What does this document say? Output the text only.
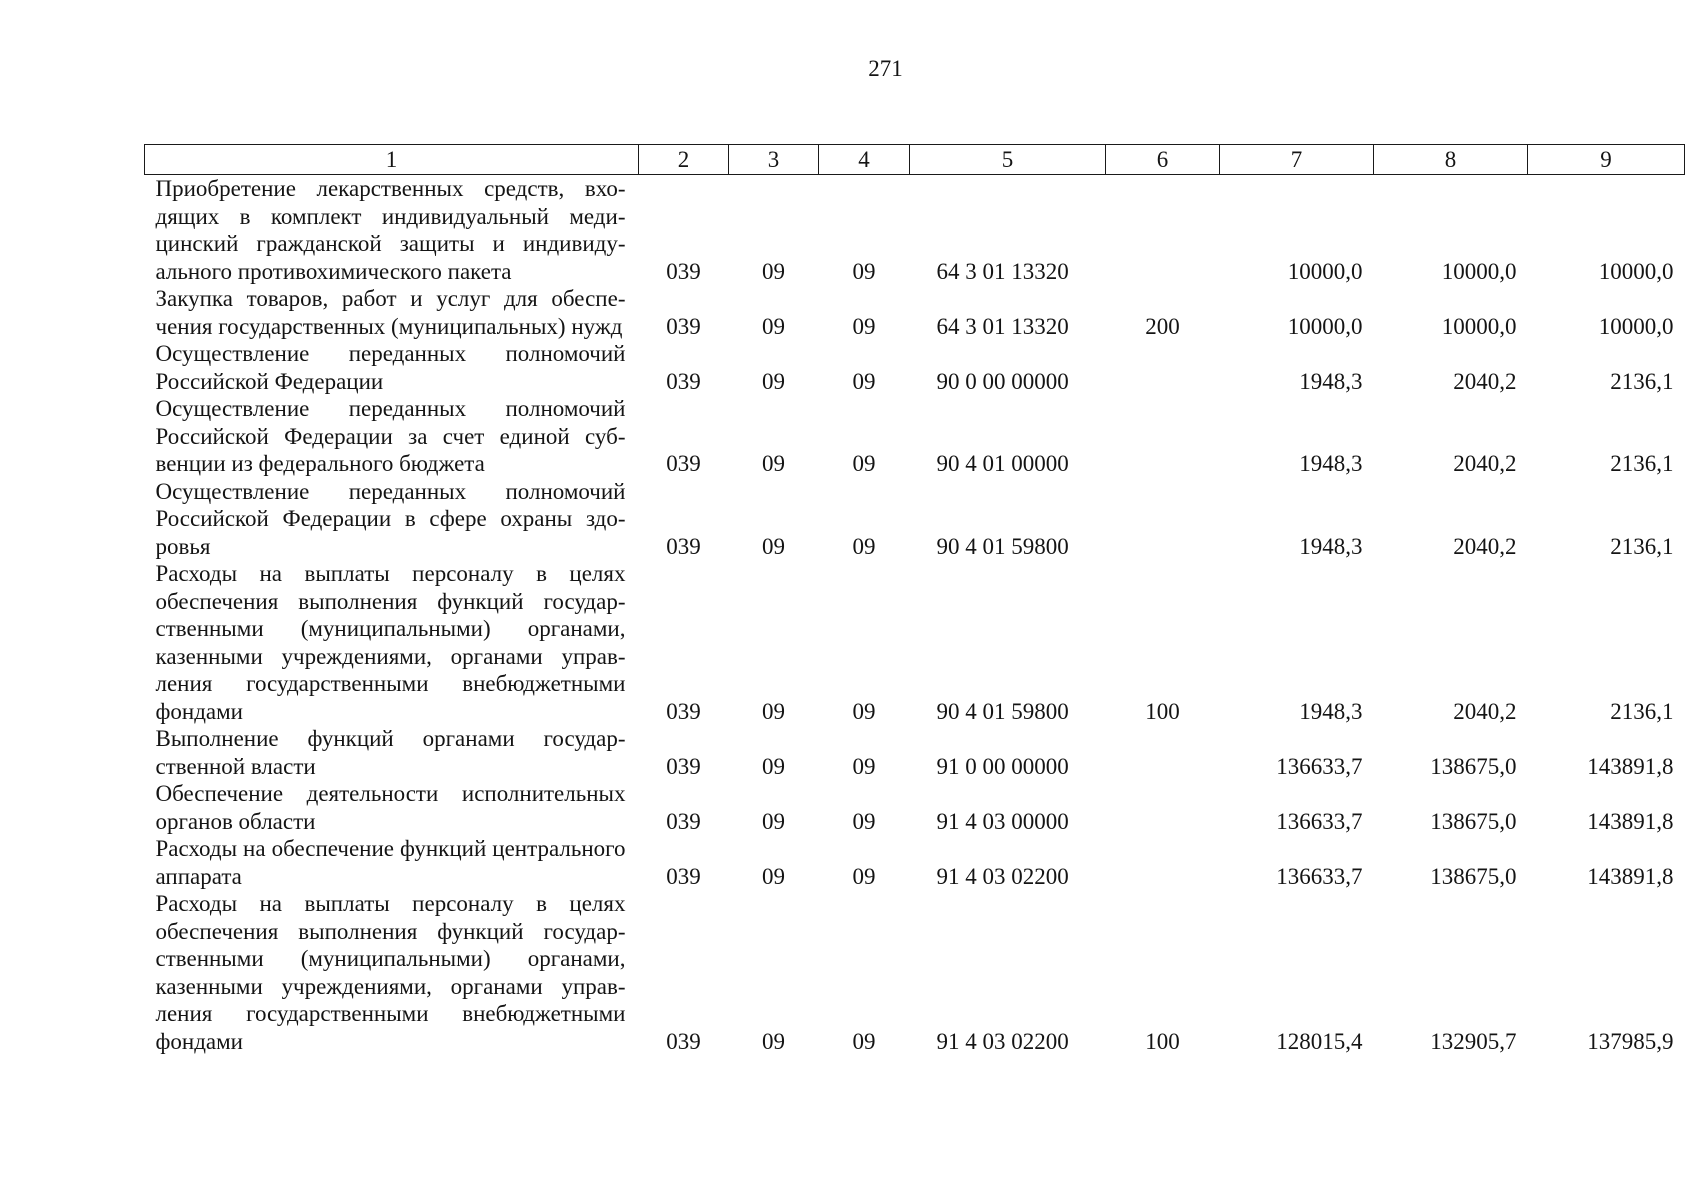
271
1	2	3	4	5	6	7	8	9
Приобретение лекарственных средств, входящих в комплект индивидуальный медицинский гражданской защиты и индивидуального противохимического пакета	039	09	09	64 3 01 13320		10000,0	10000,0	10000,0
Закупка товаров, работ и услуг для обеспечения государственных (муниципальных) нужд	039	09	09	64 3 01 13320	200	10000,0	10000,0	10000,0
Осуществление переданных полномочий Российской Федерации	039	09	09	90 0 00 00000		1948,3	2040,2	2136,1
Осуществление переданных полномочий Российской Федерации за счет единой субвенции из федерального бюджета	039	09	09	90 4 01 00000		1948,3	2040,2	2136,1
Осуществление переданных полномочий Российской Федерации в сфере охраны здоровья	039	09	09	90 4 01 59800		1948,3	2040,2	2136,1
Расходы на выплаты персоналу в целях обеспечения выполнения функций государственными (муниципальными) органами, казенными учреждениями, органами управления государственными внебюджетными фондами	039	09	09	90 4 01 59800	100	1948,3	2040,2	2136,1
Выполнение функций органами государственной власти	039	09	09	91 0 00 00000		136633,7	138675,0	143891,8
Обеспечение деятельности исполнительных органов области	039	09	09	91 4 03 00000		136633,7	138675,0	143891,8
Расходы на обеспечение функций центрального аппарата	039	09	09	91 4 03 02200		136633,7	138675,0	143891,8
Расходы на выплаты персоналу в целях обеспечения выполнения функций государственными (муниципальными) органами, казенными учреждениями, органами управления государственными внебюджетными фондами	039	09	09	91 4 03 02200	100	128015,4	132905,7	137985,9
